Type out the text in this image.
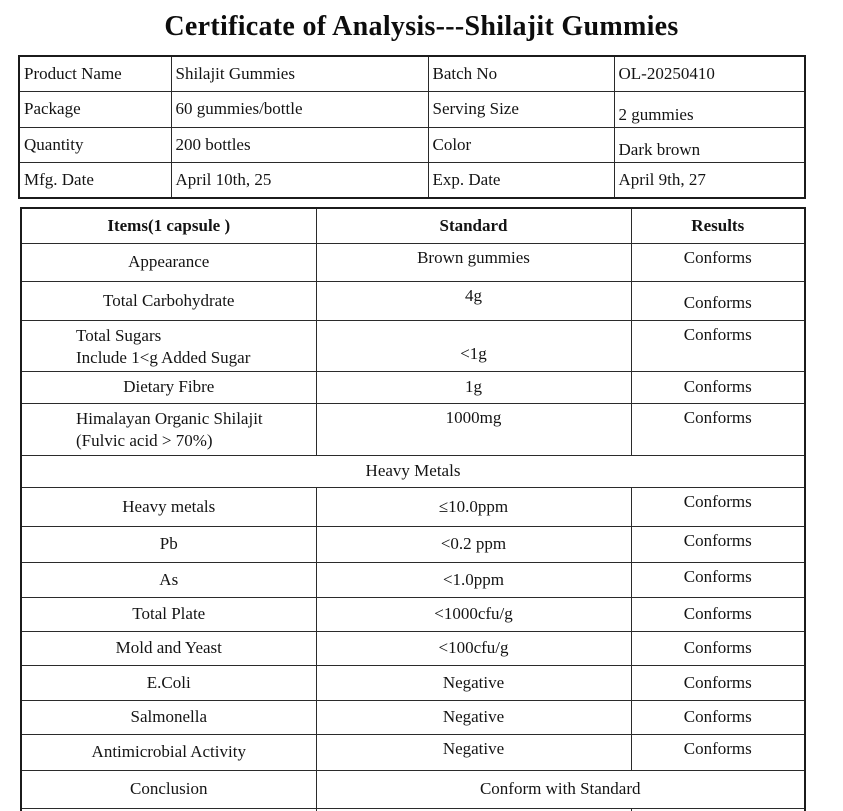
Certificate of Analysis---Shilajit Gummies
Product Name	Shilajit Gummies	Batch No	OL-20250410
Package	60 gummies/bottle	Serving Size	2 gummies
Quantity	200 bottles	Color	Dark brown
Mfg. Date	April 10th, 25	Exp. Date	April 9th, 27
Items(1 capsule )	Standard	Results
Appearance	Brown gummies	Conforms
Total Carbohydrate	4g	Conforms

Total Sugars
Include 1<g Added Sugar	<1g	Conforms
Dietary Fibre	1g	Conforms

Himalayan Organic Shilajit
(Fulvic acid > 70%)	1000mg	Conforms
Heavy Metals		
Heavy metals	≤10.0ppm	Conforms
Pb	<0.2 ppm	Conforms
As	<1.0ppm	Conforms
Total Plate	<1000cfu/g	Conforms
Mold and Yeast	<100cfu/g	Conforms
E.Coli	Negative	Conforms
Salmonella	Negative	Conforms
Antimicrobial Activity	Negative	Conforms
Conclusion	Conform with Standard	
